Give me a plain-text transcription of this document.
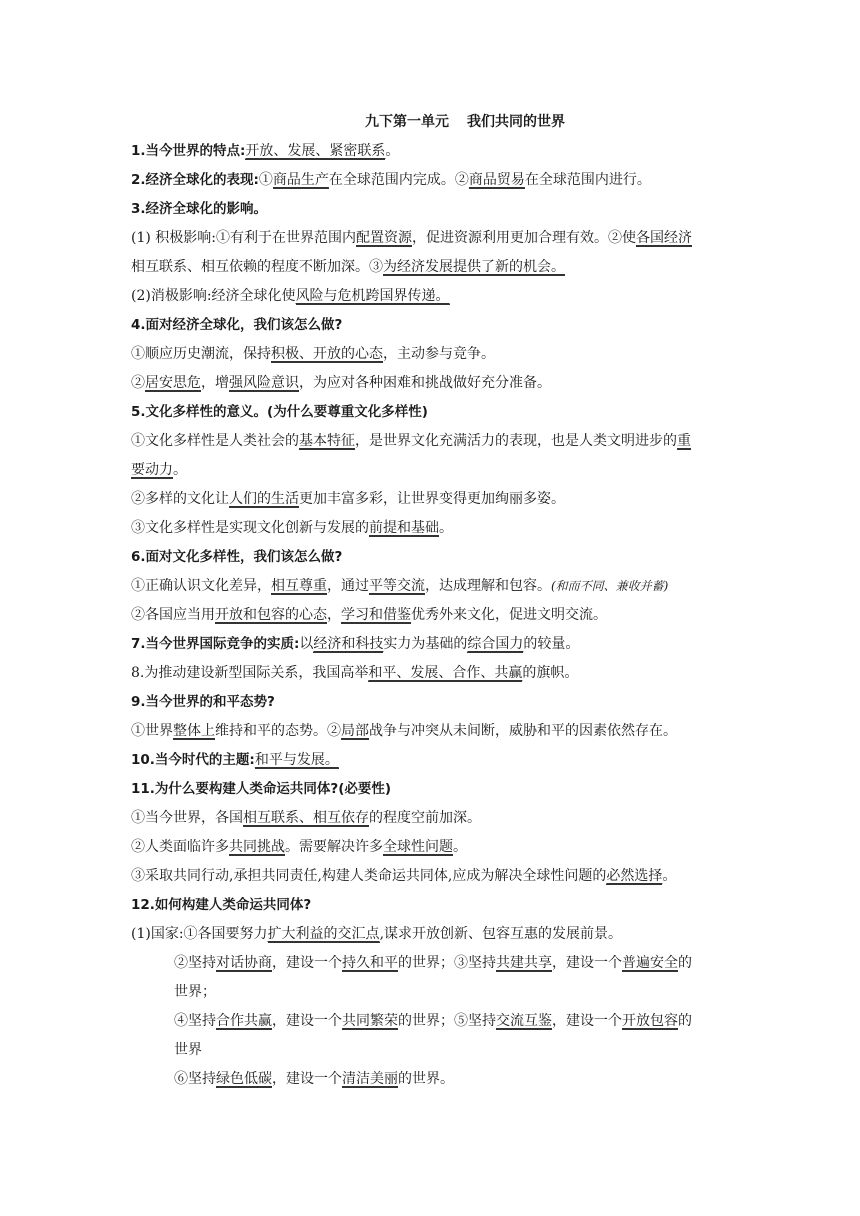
九下第一单元 我们共同的世界
1.当今世界的特点:开放、发展、紧密联系。
2.经济全球化的表现:①商品生产在全球范围内完成。②商品贸易在全球范围内进行。
3.经济全球化的影响。
(1) 积极影响:①有利于在世界范围内配置资源，促进资源利用更加合理有效。②使各国经济
相互联系、相互依赖的程度不断加深。③为经济发展提供了新的机会。
(2)消极影响:经济全球化使风险与危机跨国界传递。
4.面对经济全球化，我们该怎么做?
①顺应历史潮流，保持积极、开放的心态，主动参与竞争。
②居安思危，增强风险意识，为应对各种困难和挑战做好充分准备。
5.文化多样性的意义。(为什么要尊重文化多样性)
①文化多样性是人类社会的基本特征，是世界文化充满活力的表现，也是人类文明进步的重
要动力。
②多样的文化让人们的生活更加丰富多彩，让世界变得更加绚丽多姿。
③文化多样性是实现文化创新与发展的前提和基础。
6.面对文化多样性，我们该怎么做?
①正确认识文化差异，相互尊重，通过平等交流，达成理解和包容。(和而不同、兼收并蓄)
②各国应当用开放和包容的心态，学习和借鉴优秀外来文化，促进文明交流。
7.当今世界国际竞争的实质:以经济和科技实力为基础的综合国力的较量。
8.为推动建设新型国际关系，我国高举和平、发展、合作、共赢的旗帜。
9.当今世界的和平态势?
①世界整体上维持和平的态势。②局部战争与冲突从未间断，威胁和平的因素依然存在。
10.当今时代的主题:和平与发展。
11.为什么要构建人类命运共同体?(必要性)
①当今世界，各国相互联系、相互依存的程度空前加深。
②人类面临许多共同挑战。需要解决许多全球性问题。
③采取共同行动,承担共同责任,构建人类命运共同体,应成为解决全球性问题的必然选择。
12.如何构建人类命运共同体?
(1)国家:①各国要努力扩大利益的交汇点,谋求开放创新、包容互惠的发展前景。
②坚持对话协商，建设一个持久和平的世界；③坚持共建共享，建设一个普遍安全的
世界；
④坚持合作共赢，建设一个共同繁荣的世界；⑤坚持交流互鉴，建设一个开放包容的
世界
⑥坚持绿色低碳，建设一个清洁美丽的世界。
